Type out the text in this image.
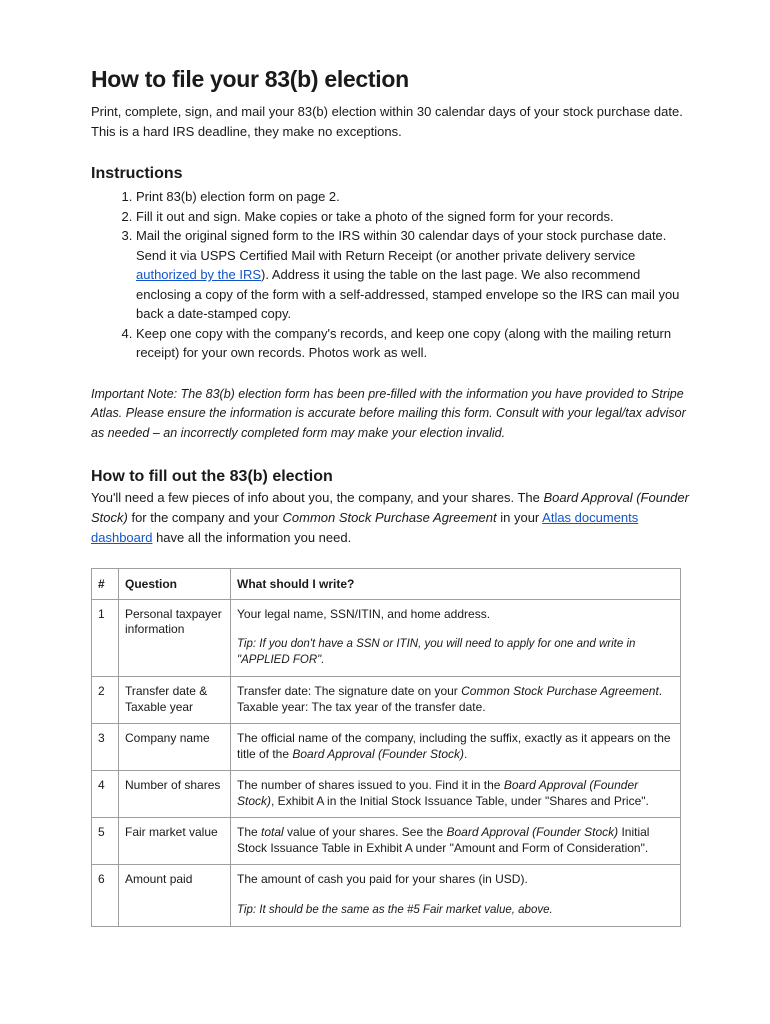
How to file your 83(b) election

Print, complete, sign, and mail your 83(b) election within 30 calendar days of your stock purchase date. This is a hard IRS deadline, they make no exceptions.

Instructions
1. Print 83(b) election form on page 2.
2. Fill it out and sign. Make copies or take a photo of the signed form for your records.
3. Mail the original signed form to the IRS within 30 calendar days of your stock purchase date. Send it via USPS Certified Mail with Return Receipt (or another private delivery service authorized by the IRS). Address it using the table on the last page. We also recommend enclosing a copy of the form with a self-addressed, stamped envelope so the IRS can mail you back a date-stamped copy.
4. Keep one copy with the company's records, and keep one copy (along with the mailing return receipt) for your own records. Photos work as well.

Important Note: The 83(b) election form has been pre-filled with the information you have provided to Stripe Atlas. Please ensure the information is accurate before mailing this form. Consult with your legal/tax advisor as needed – an incorrectly completed form may make your election invalid.

How to fill out the 83(b) election

You'll need a few pieces of info about you, the company, and your shares. The Board Approval (Founder Stock) for the company and your Common Stock Purchase Agreement in your Atlas documents dashboard have all the information you need.

#	Question	What should I write?
1	Personal taxpayer information	Your legal name, SSN/ITIN, and home address.
Tip: If you don't have a SSN or ITIN, you will need to apply for one and write in "APPLIED FOR".

2	Transfer date & Taxable year	Transfer date: The signature date on your Common Stock Purchase Agreement.
Taxable year: The tax year of the transfer date.
3	Company name	The official name of the company, including the suffix, exactly as it appears on the title of the Board Approval (Founder Stock).
4	Number of shares	The number of shares issued to you. Find it in the Board Approval (Founder Stock), Exhibit A in the Initial Stock Issuance Table, under "Shares and Price".
5	Fair market value	The total value of your shares. See the Board Approval (Founder Stock) Initial Stock Issuance Table in Exhibit A under "Amount and Form of Consideration".
6	Amount paid	The amount of cash you paid for your shares (in USD).
Tip: It should be the same as the #5 Fair market value, above.
